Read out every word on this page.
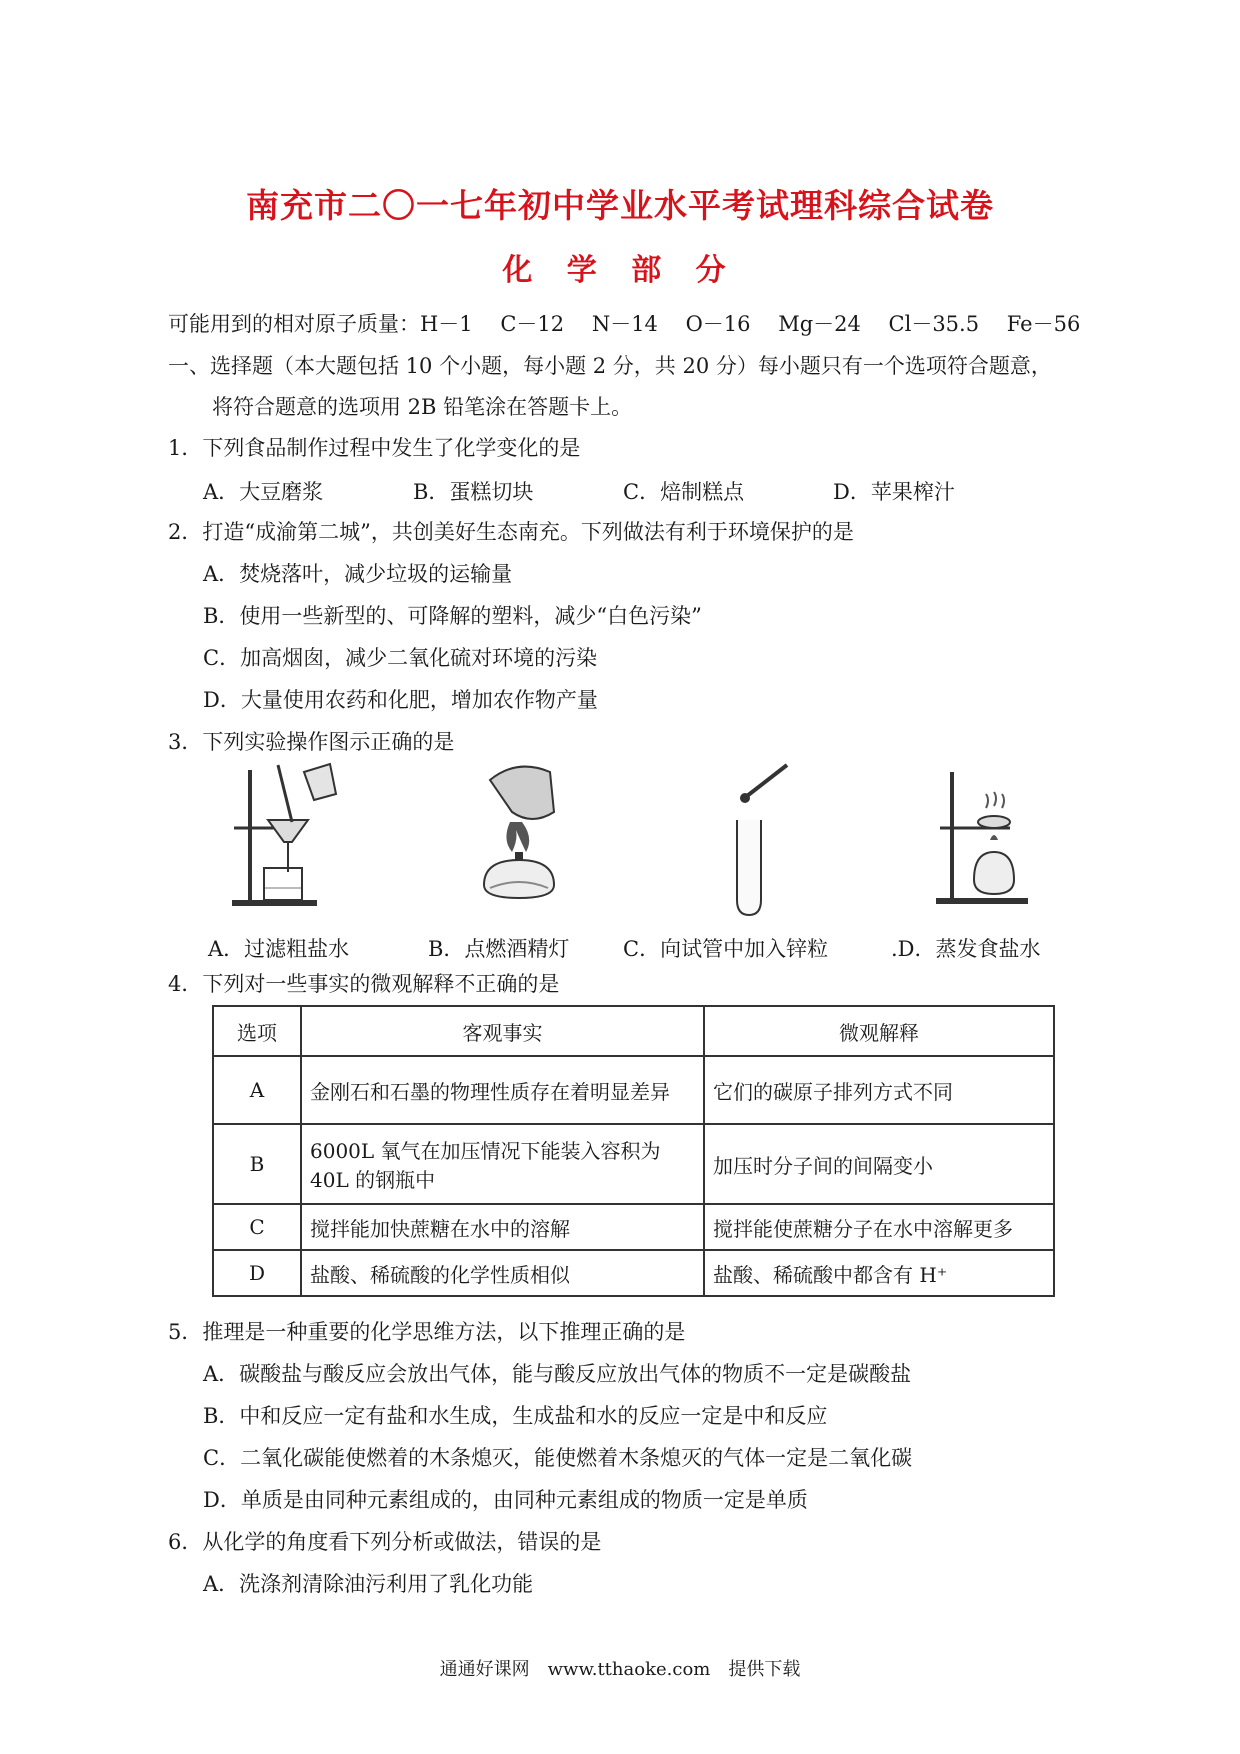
南充市二〇一七年初中学业水平考试理科综合试卷
化 学 部 分
可能用到的相对原子质量：H－1　 C－12　 N－14　 O－16　 Mg－24　 Cl－35.5　 Fe－56
一、选择题（本大题包括 10 个小题，每小题 2 分，共 20 分）每小题只有一个选项符合题意，
将符合题意的选项用 2B 铅笔涂在答题卡上。
1．下列食品制作过程中发生了化学变化的是
A．大豆磨浆	B．蛋糕切块	C．焙制糕点	D．苹果榨汁
2．打造“成渝第二城”，共创美好生态南充。下列做法有利于环境保护的是
A．焚烧落叶，减少垃圾的运输量
B．使用一些新型的、可降解的塑料，减少“白色污染”
C．加高烟囱，减少二氧化硫对环境的污染
D．大量使用农药和化肥，增加农作物产量
3．下列实验操作图示正确的是
A．过滤粗盐水	B．点燃酒精灯	C．向试管中加入锌粒	.D．蒸发食盐水
4．下列对一些事实的微观解释不正确的是
选项	客观事实	微观解释
A	金刚石和石墨的物理性质存在着明显差异	它们的碳原子排列方式不同
B	6000L 氧气在加压情况下能装入容积为 40L 的钢瓶中	加压时分子间的间隔变小
C	搅拌能加快蔗糖在水中的溶解	搅拌能使蔗糖分子在水中溶解更多
D	盐酸、稀硫酸的化学性质相似	盐酸、稀硫酸中都含有 H⁺
5．推理是一种重要的化学思维方法，以下推理正确的是
A．碳酸盐与酸反应会放出气体，能与酸反应放出气体的物质不一定是碳酸盐
B．中和反应一定有盐和水生成，生成盐和水的反应一定是中和反应
C．二氧化碳能使燃着的木条熄灭，能使燃着木条熄灭的气体一定是二氧化碳
D．单质是由同种元素组成的，由同种元素组成的物质一定是单质
6．从化学的角度看下列分析或做法，错误的是
A．洗涤剂清除油污利用了乳化功能
通通好课网　www.tthaoke.com　提供下载
